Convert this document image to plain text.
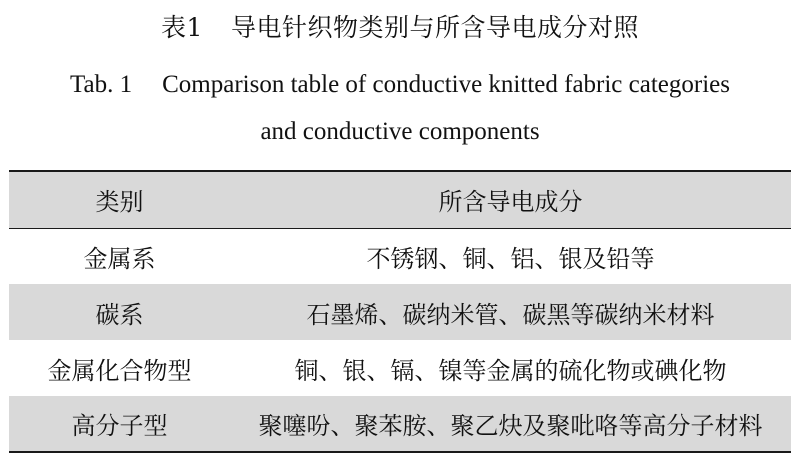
表1 导电针织物类别与所含导电成分对照
Tab. 1 Comparison table of conductive knitted fabric categories
and conductive components
类别	所含导电成分
金属系	不锈钢、铜、铝、银及铅等
碳系	石墨烯、碳纳米管、碳黑等碳纳米材料
金属化合物型	铜、银、镉、镍等金属的硫化物或碘化物
高分子型	聚噻吩、聚苯胺、聚乙炔及聚吡咯等高分子材料
